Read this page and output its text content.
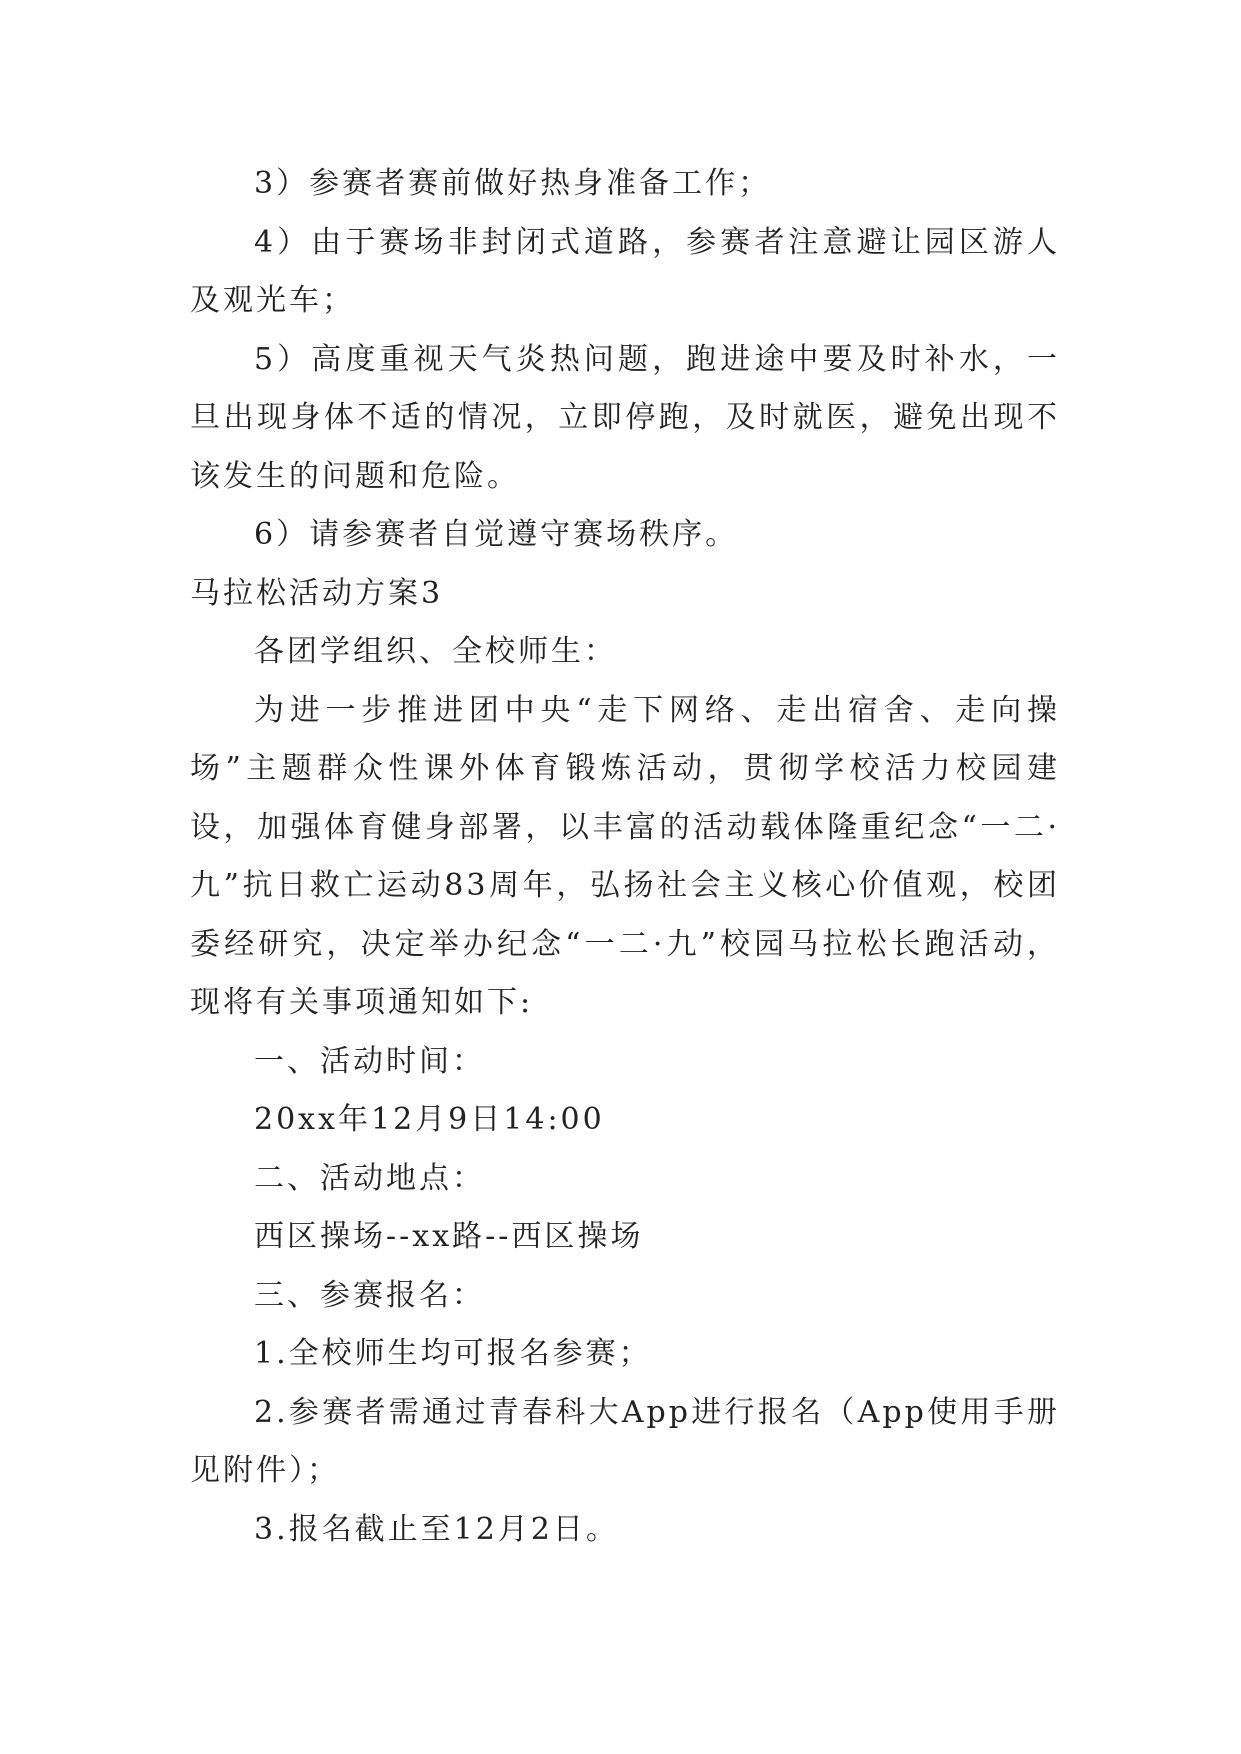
3）参赛者赛前做好热身准备工作；

4）由于赛场非封闭式道路，参赛者注意避让园区游人及观光车；

5）高度重视天气炎热问题，跑进途中要及时补水，一旦出现身体不适的情况，立即停跑，及时就医，避免出现不该发生的问题和危险。

6）请参赛者自觉遵守赛场秩序。

马拉松活动方案3

各团学组织、全校师生：

为进一步推进团中央“走下网络、走出宿舍、走向操场”主题群众性课外体育锻炼活动，贯彻学校活力校园建设，加强体育健身部署，以丰富的活动载体隆重纪念“一二·九”抗日救亡运动83周年，弘扬社会主义核心价值观，校团委经研究，决定举办纪念“一二·九”校园马拉松长跑活动，现将有关事项通知如下:

一、活动时间：

20xx年12月9日14:00

二、活动地点：

西区操场--xx路--西区操场

三、参赛报名：

1.全校师生均可报名参赛；

2.参赛者需通过青春科大App进行报名（App使用手册见附件）；

3.报名截止至12月2日。
